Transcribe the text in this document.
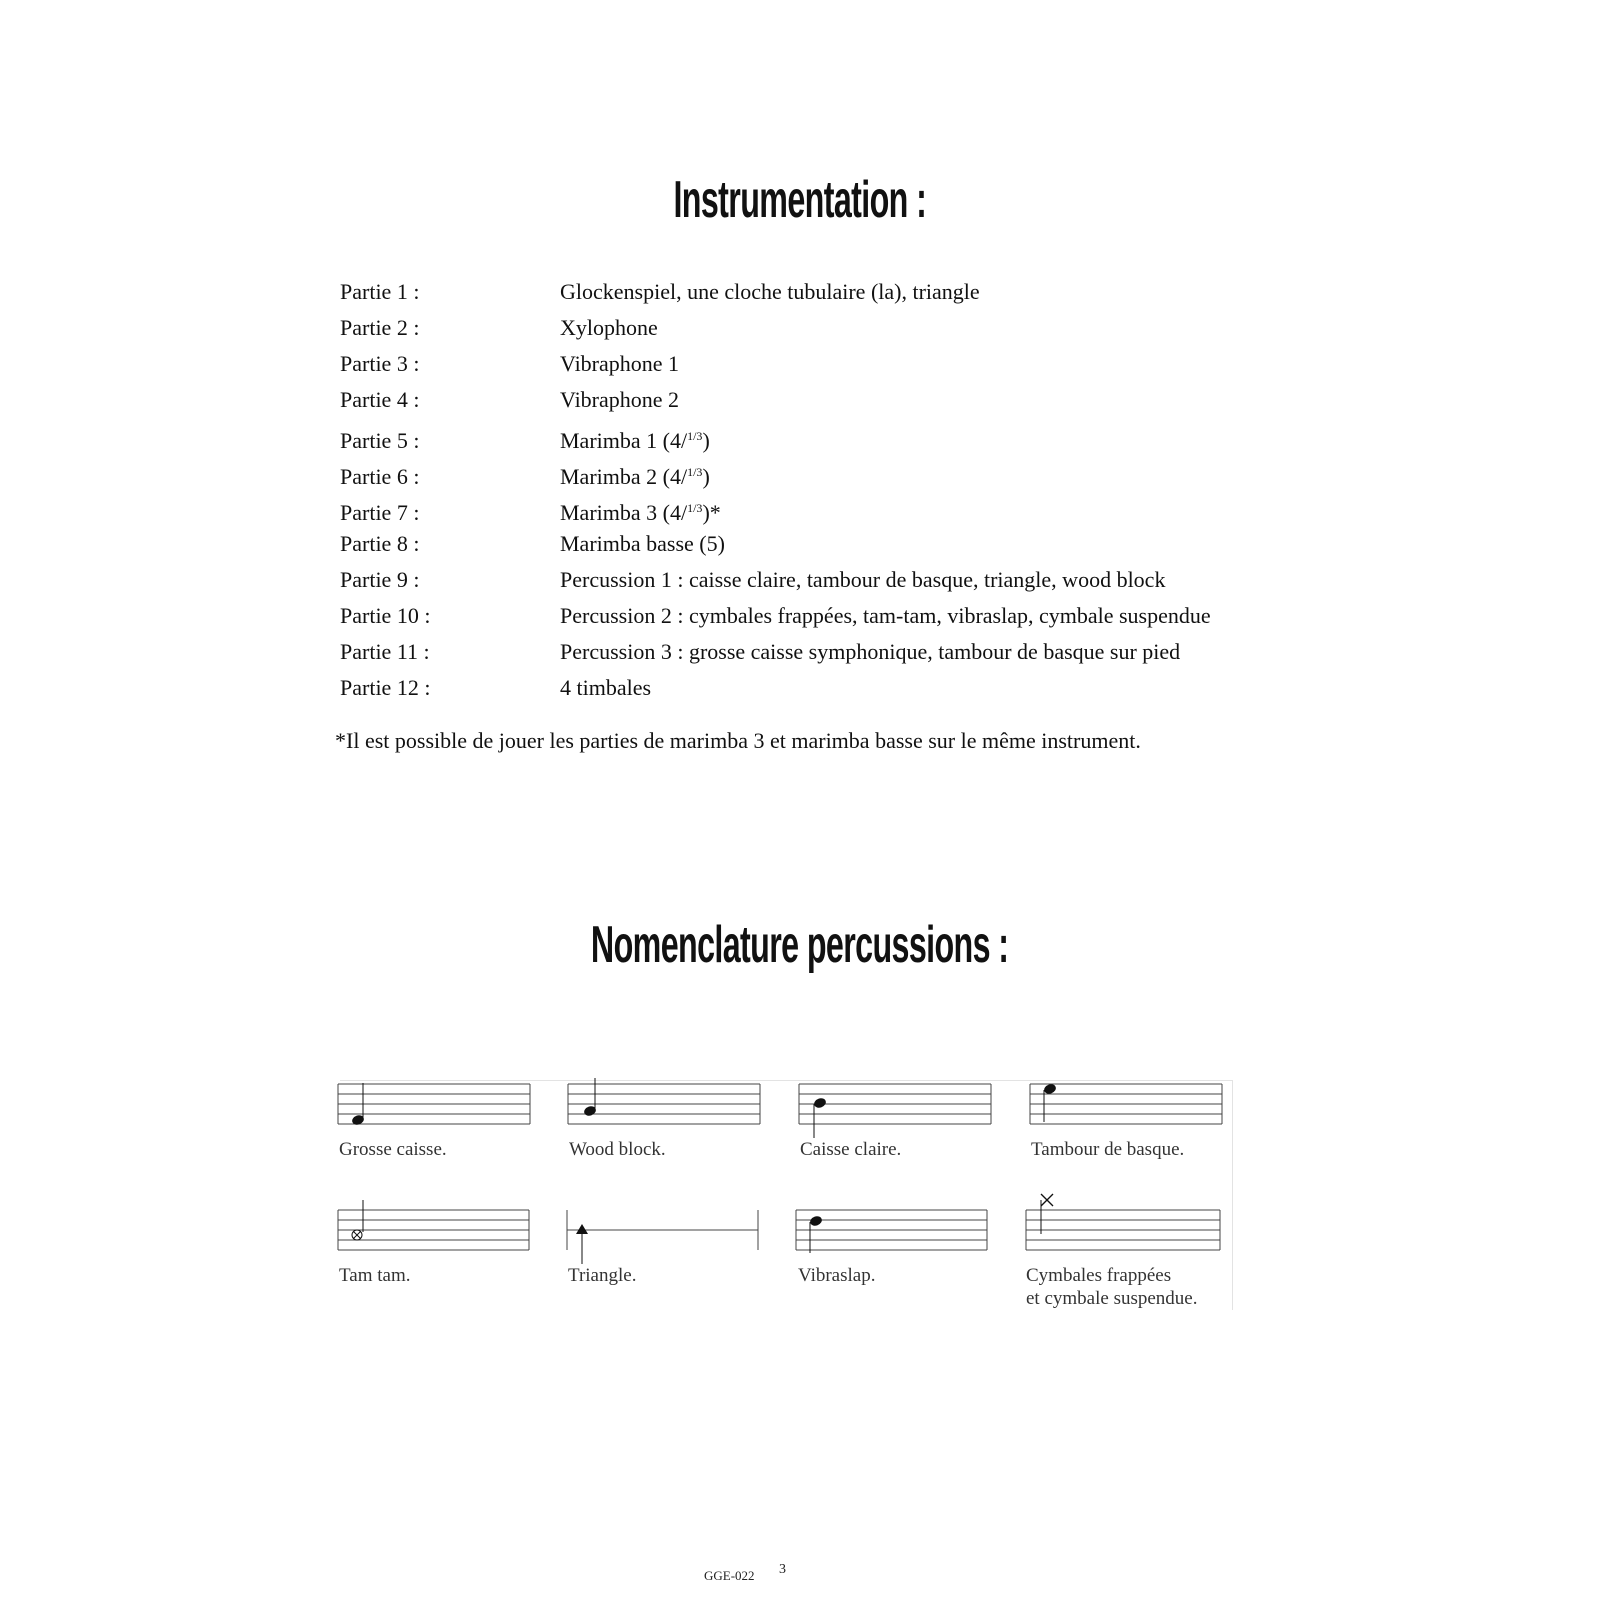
Instrumentation :
Partie 1 :	Glockenspiel, une cloche tubulaire (la), triangle
Partie 2 :	Xylophone
Partie 3 :	Vibraphone 1
Partie 4 :	Vibraphone 2
Partie 5 :	Marimba 1 (4/$^{1/3}$)
Partie 6 :	Marimba 2 (4/$^{1/3}$)
Partie 7 :	Marimba 3 (4/$^{1/3}$)*
Partie 8 :	Marimba basse (5)
Partie 9 :	Percussion 1 : caisse claire, tambour de basque, triangle, wood block
Partie 10 :	Percussion 2 : cymbales frappées, tam-tam, vibraslap, cymbale suspendue
Partie 11 :	Percussion 3 : grosse caisse symphonique, tambour de basque sur pied
Partie 12 :	4 timbales
*Il est possible de jouer les parties de marimba 3 et marimba basse sur le même instrument.
Nomenclature percussions :
Grosse caisse.	Wood block.	Caisse claire.	Tambour de basque.
Tam tam.	Triangle.	Vibraslap.	Cymbales frappées
et cymbale suspendue.
GGE-022 3
